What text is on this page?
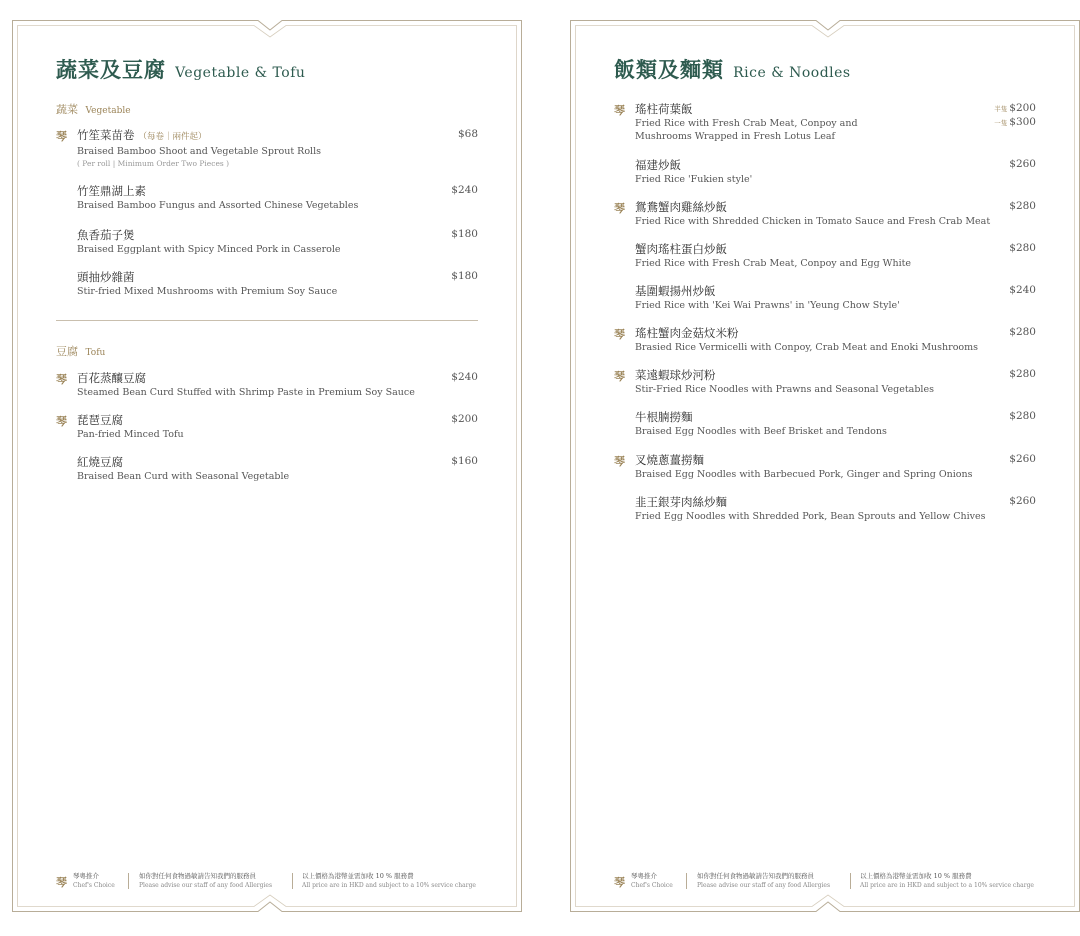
蔬菜及豆腐 Vegetable & Tofu
蔬菜 Vegetable
琴 竹笙菜苗卷 （每卷｜兩件起）
Braised Bamboo Shoot and Vegetable Sprout Rolls
( Per roll | Minimum Order Two Pieces )
$68
竹笙鼎湖上素
Braised Bamboo Fungus and Assorted Chinese Vegetables
$240
魚香茄子煲
Braised Eggplant with Spicy Minced Pork in Casserole
$180
頭抽炒雜菌
Stir-fried Mixed Mushrooms with Premium Soy Sauce
$180
豆腐 Tofu
琴 百花蒸釀豆腐
Steamed Bean Curd Stuffed with Shrimp Paste in Premium Soy Sauce
$240
琴 琵琶豆腐
Pan-fried Minced Tofu
$200
紅燒豆腐
Braised Bean Curd with Seasonal Vegetable
$160
琴 琴粵推介
Chef's Choice
如你對任何食物過敏請告知我們的服務員
Please advise our staff of any food Allergies
以上價格為港幣並需加收 10 % 服務費
All price are in HKD and subject to a 10% service charge
飯類及麵類 Rice & Noodles
琴 瑤柱荷葉飯
Fried Rice with Fresh Crab Meat, Conpoy and
Mushrooms Wrapped in Fresh Lotus Leaf
半隻 $200
一隻 $300
福建炒飯
Fried Rice 'Fukien style'
$260
琴 鴛鴦蟹肉雞絲炒飯
Fried Rice with Shredded Chicken in Tomato Sauce and Fresh Crab Meat
$280
蟹肉瑤柱蛋白炒飯
Fried Rice with Fresh Crab Meat, Conpoy and Egg White
$280
基圍蝦揚州炒飯
Fried Rice with 'Kei Wai Prawns' in 'Yeung Chow Style'
$240
琴 瑤柱蟹肉金菇炆米粉
Brasied Rice Vermicelli with Conpoy, Crab Meat and Enoki Mushrooms
$280
琴 菜遠蝦球炒河粉
Stir-Fried Rice Noodles with Prawns and Seasonal Vegetables
$280
牛根腩撈麵
Braised Egg Noodles with Beef Brisket and Tendons
$280
琴 叉燒蔥薑撈麵
Braised Egg Noodles with Barbecued Pork, Ginger and Spring Onions
$260
韭王銀芽肉絲炒麵
Fried Egg Noodles with Shredded Pork, Bean Sprouts and Yellow Chives
$260
琴 琴粵推介
Chef's Choice
如你對任何食物過敏請告知我們的服務員
Please advise our staff of any food Allergies
以上價格為港幣並需加收 10 % 服務費
All price are in HKD and subject to a 10% service charge
